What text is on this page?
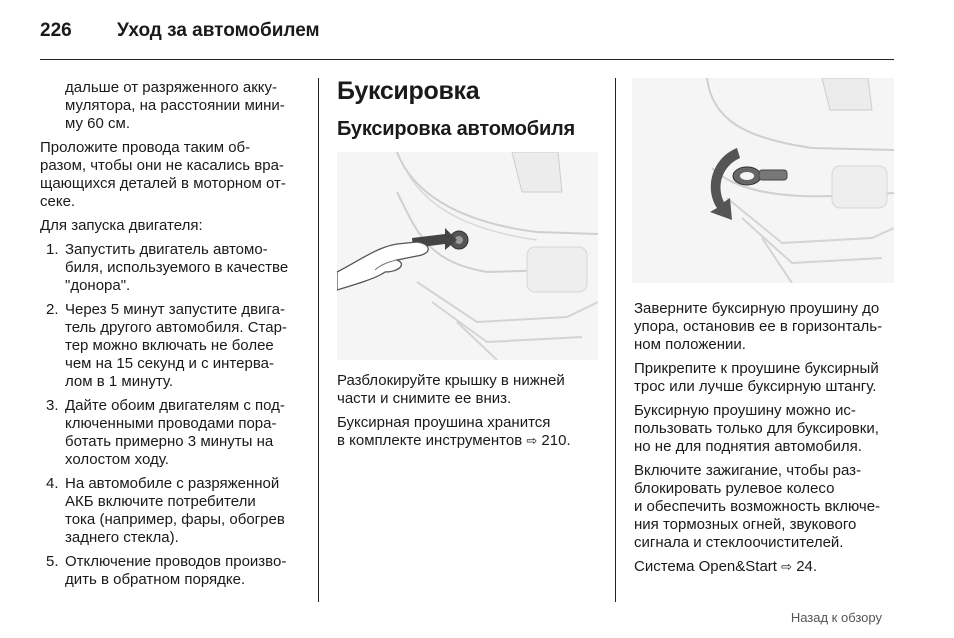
226 Уход за автомобилем

дальше от разряженного акку-
мулятора, на расстоянии мини-
му 60 см.

Проложите провода таким об-
разом, чтобы они не касались вра-
щающихся деталей в моторном от-
секе.

Для запуска двигателя:

1. Запустить двигатель автомо-
биля, используемого в качестве
"донора".
2. Через 5 минут запустите двига-
тель другого автомобиля. Стар-
тер можно включать не более
чем на 15 секунд и с интерва-
лом в 1 минуту.
3. Дайте обоим двигателям с под-
ключенными проводами пора-
ботать примерно 3 минуты на
холостом ходу.
4. На автомобиле с разряженной
АКБ включите потребители
тока (например, фары, обогрев
заднего стекла).
5. Отключение проводов произво-
дить в обратном порядке.
Буксировка
Буксировка автомобиля

Разблокируйте крышку в нижней
части и снимите ее вниз.

Буксирная проушина хранится
в комплекте инструментов ⇨ 210.

Заверните буксирную проушину до
упора, остановив ее в горизонталь-
ном положении.

Прикрепите к проушине буксирный
трос или лучше буксирную штангу.

Буксирную проушину можно ис-
пользовать только для буксировки,
но не для поднятия автомобиля.

Включите зажигание, чтобы раз-
блокировать рулевое колесо
и обеспечить возможность включе-
ния тормозных огней, звукового
сигнала и стеклоочистителей.

Система Open&Start ⇨ 24.

Назад к обзору
